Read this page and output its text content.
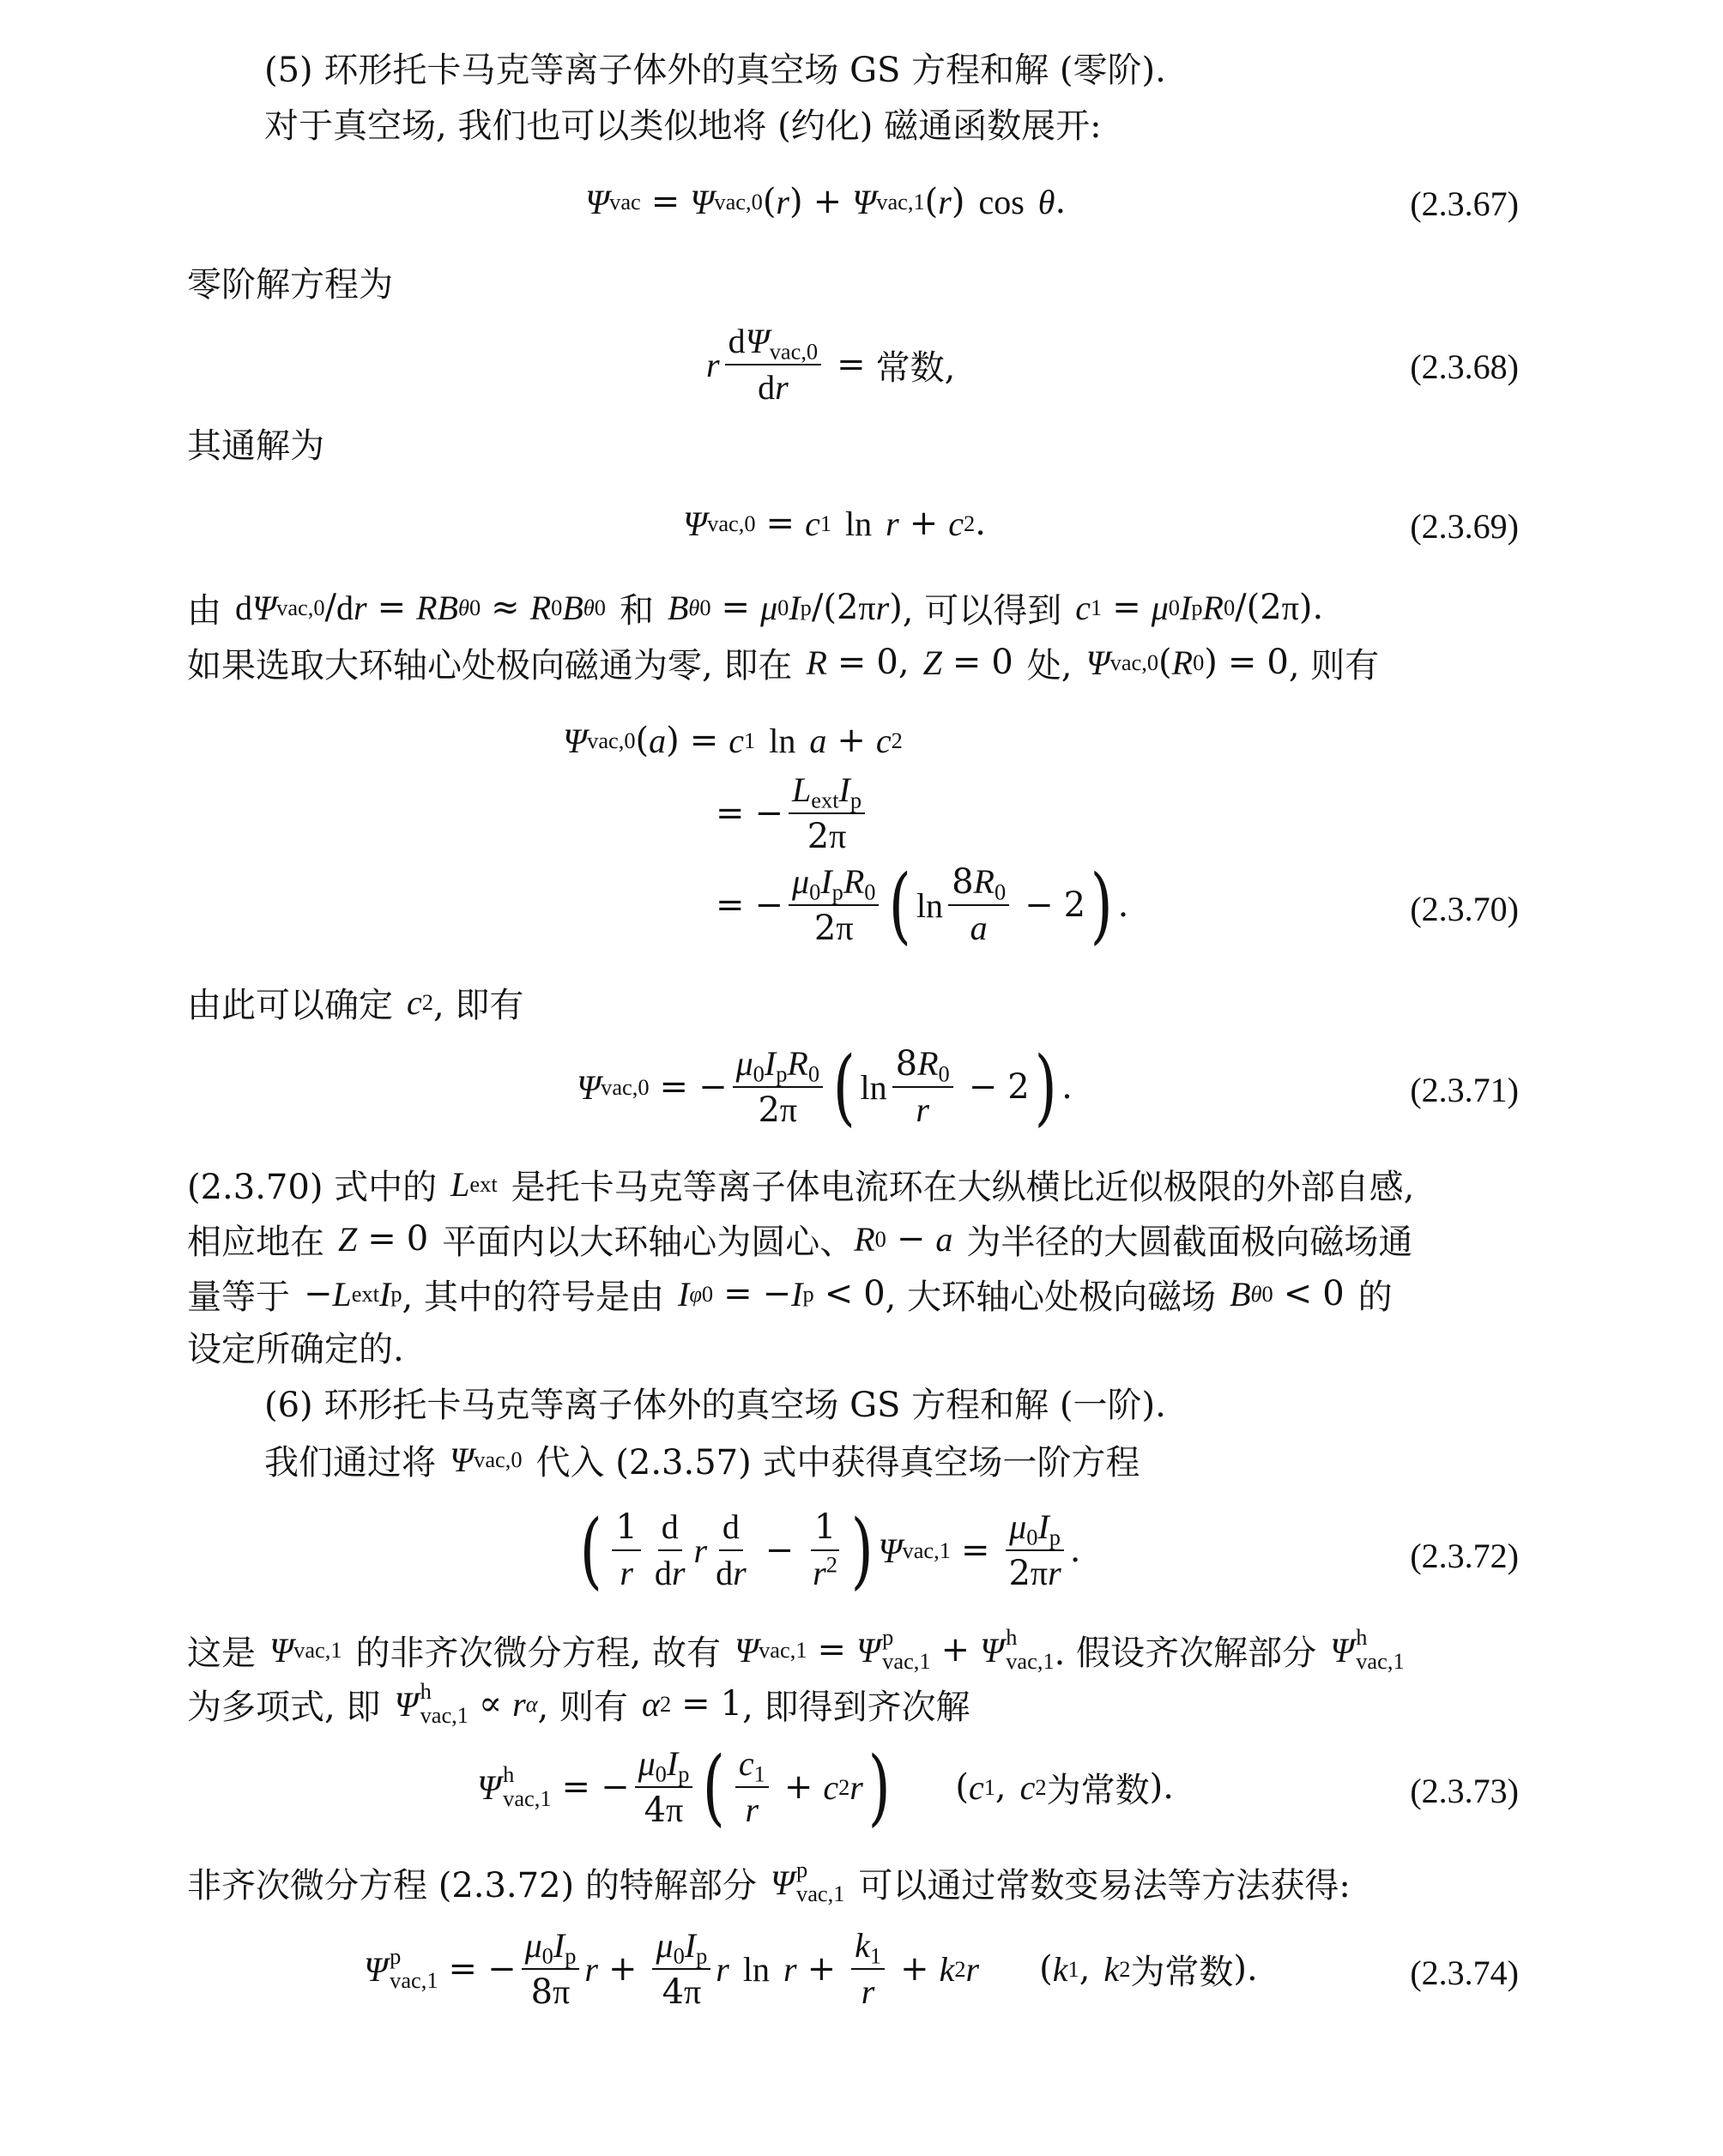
(5) 环形托卡马克等离子体外的真空场 GS 方程和解 (零阶).
对于真空场, 我们也可以类似地将 (约化) 磁通函数展开:
Ψ vac = Ψ vac,0 ( r ) + Ψ vac,1 ( r ) cos θ .	(2.3.67)
零阶解方程为
r $\frac{d\Psi_{vac,0}}{dr}$ = 常数,	(2.3.68)
其通解为
Ψ vac,0 = c 1 ln r + c 2 .	(2.3.69)
由 d Ψ vac,0 / d r = RB θ0 ≈ R 0 B θ0 和 B θ0 = μ 0 I p /(2 π r ) , 可以得到 c 1 = μ 0 I p R 0 /(2 π ).
如果选取大环轴心处极向磁通为零, 即在 R = 0, Z = 0 处, Ψ vac,0 ( R 0 ) = 0 , 则有
Ψ vac,0 ( a ) = c 1 ln a + c 2
= − $\frac{L_{ext}I_p}{2\pi}$
= − $\frac{\mu_0I_pR_0}{2\pi}$ ( $\ln \frac{8R_0}{a} - 2$ ) .	(2.3.70)
由此可以确定 c 2 , 即有
Ψ vac,0 = − $\frac{\mu_0I_pR_0}{2\pi}$ ( $\ln \frac{8R_0}{r} - 2$ ) .	(2.3.71)
(2.3.70) 式中的 L ext 是托卡马克等离子体电流环在大纵横比近似极限的外部自感,
相应地在 Z = 0 平面内以大环轴心为圆心、 R 0 − a 为半径的大圆截面极向磁场通
量等于 − L ext I p , 其中的符号是由 I φ0 = − I p < 0 , 大环轴心处极向磁场 B θ0 < 0 的
设定所确定的.
(6) 环形托卡马克等离子体外的真空场 GS 方程和解 (一阶).
我们通过将 Ψ vac,0 代入 (2.3.57) 式中获得真空场一阶方程
( $\frac{1}{r} \frac{d}{dr}$ r $\frac{d}{dr} - \frac{1}{r^2}$ ) Ψ $vac,1 = \frac{\mu_0I_p}{2\pi r}$ .	(2.3.72)
这是 Ψ vac,1 的非齐次微分方程, 故有 Ψ vac,1 = Ψ p
vac,1 + Ψ h
vac,1 . 假设齐次解部分 Ψ h
vac,1
为多项式, 即 Ψ h
vac,1 ∝ r α , 则有 α 2 = 1 , 即得到齐次解
Ψ h
vac,1 = − $\frac{\mu_0I_p}{4\pi}$ ( $\frac{c_1}{r} + c$ 2 r ) ( c 1 , c 2 为常数 ).	(2.3.73)
非齐次微分方程 (2.3.72) 的特解部分 Ψ p
vac,1 可以通过常数变易法等方法获得:
Ψ p
vac,1 = − $\frac{\mu_0I_p}{8\pi}$ $r + \frac{\mu_0I_p}{4\pi}$ r $\ln r + \frac{k_1}{r} + k$ 2 r ( k 1 , k 2 为常数 ).	(2.3.74)
